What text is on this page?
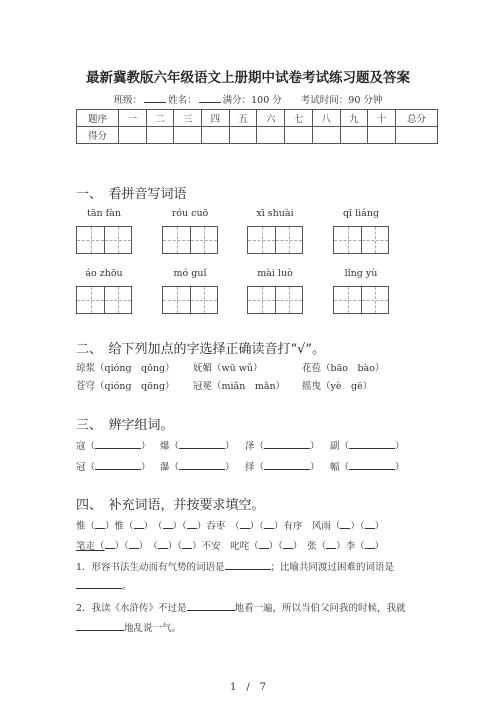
最新冀教版六年级语文上册期中试卷考试练习题及答案
班级：	姓名：	满分：100 分　　 考试时间：90 分钟
题序	一	二	三	四	五	六	七	八	九	十	总分
得分											
一、　看拼音写词语
tān fàn	róu cuō	xī shuài	qī liáng
áo zhōu	mó guǐ	mài luò	lǐng yù
二、　给下列加点的字选择正确读音打“√”。
琼浆（qióng　qōng） 妩媚（wū wǔ）	花苞（bāo　bào）
苍穹（qióng　qōng） 冠冕（miǎn　mǎn） 摇曳（yè　gē）
三、　辨字组词。
寇（	） 爆（	） 泽（	） 副（	）
冠（	） 瀑（	） 择（	） 幅（	）
四、　补充词语，并按要求填空。
惟（ ）惟（ ）　（ ）（ ）吞枣　（ ）（ ）有序　风雨（ ）（ ）
笔走（ ）（ ）　（ ）（ ）不安　叱咤（ ）（ ）　张（ ）李（ ）
1．形容书法生动而有气势的词语是	；比喻共同渡过困难的词语是
。
2．我读《水浒传》不过是	地看一遍，所以当伯父问我的时候，我就
地乱说一气。
1　/　7
